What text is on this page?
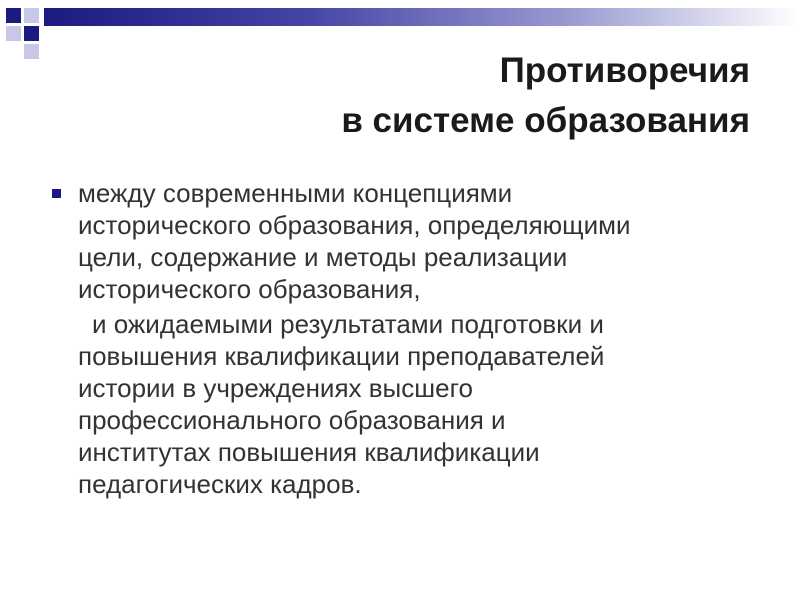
Противоречия
в системе образования
между современными концепциями
исторического образования, определяющими
цели, содержание и методы реализации
исторического образования,
и ожидаемыми результатами подготовки и
повышения квалификации преподавателей
истории в учреждениях высшего
профессионального образования и
институтах повышения квалификации
педагогических кадров.
